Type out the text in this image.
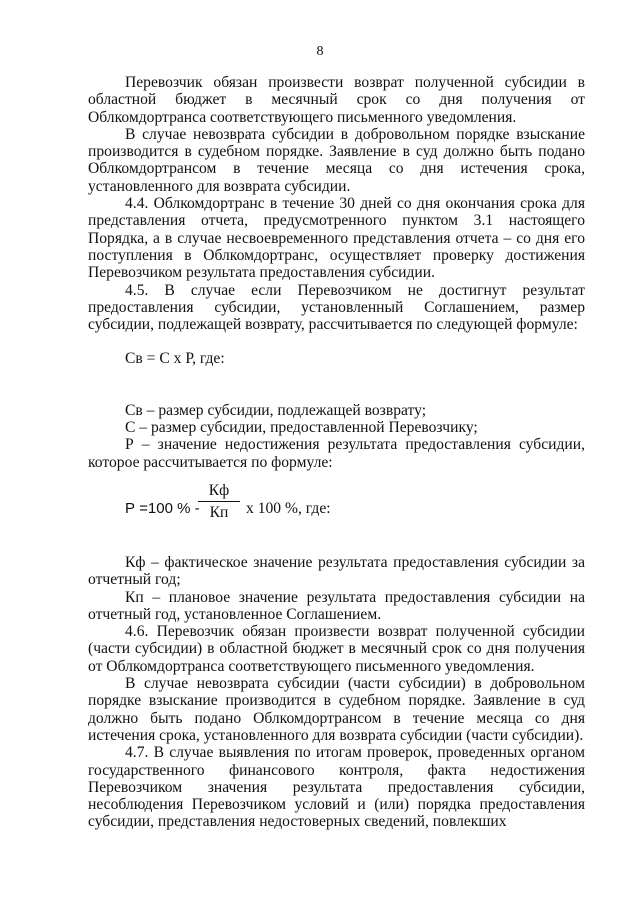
8

Перевозчик обязан произвести возврат полученной субсидии в областной бюджет в месячный срок со дня получения от Облкомдортранса соответствующего письменного уведомления.

В случае невозврата субсидии в добровольном порядке взыскание производится в судебном порядке. Заявление в суд должно быть подано Облкомдортрансом в течение месяца со дня истечения срока, установленного для возврата субсидии.

4.4. Облкомдортранс в течение 30 дней со дня окончания срока для представления отчета, предусмотренного пунктом 3.1 настоящего Порядка, а в случае несвоевременного представления отчета – со дня его поступления в Облкомдортранс, осуществляет проверку достижения Перевозчиком результата предоставления субсидии.

4.5. В случае если Перевозчиком не достигнут результат предоставления субсидии, установленный Соглашением, размер субсидии, подлежащей возврату, рассчитывается по следующей формуле:

Св = С х Р, где:

Св – размер субсидии, подлежащей возврату;

С – размер субсидии, предоставленной Перевозчику;

Р – значение недостижения результата предоставления субсидии, которое рассчитывается по формуле:

Р =100 % -
Кф
Кп	х 100 %, где:

Кф – фактическое значение результата предоставления субсидии за отчетный год;

Кп – плановое значение результата предоставления субсидии на отчетный год, установленное Соглашением.

4.6. Перевозчик обязан произвести возврат полученной субсидии (части субсидии) в областной бюджет в месячный срок со дня получения от Облкомдортранса соответствующего письменного уведомления.

В случае невозврата субсидии (части субсидии) в добровольном порядке взыскание производится в судебном порядке. Заявление в суд должно быть подано Облкомдортрансом в течение месяца со дня истечения срока, установленного для возврата субсидии (части субсидии).

4.7. В случае выявления по итогам проверок, проведенных органом государственного финансового контроля, факта недостижения Перевозчиком значения результата предоставления субсидии, несоблюдения Перевозчиком условий и (или) порядка предоставления субсидии, представления недостоверных сведений, повлекших
